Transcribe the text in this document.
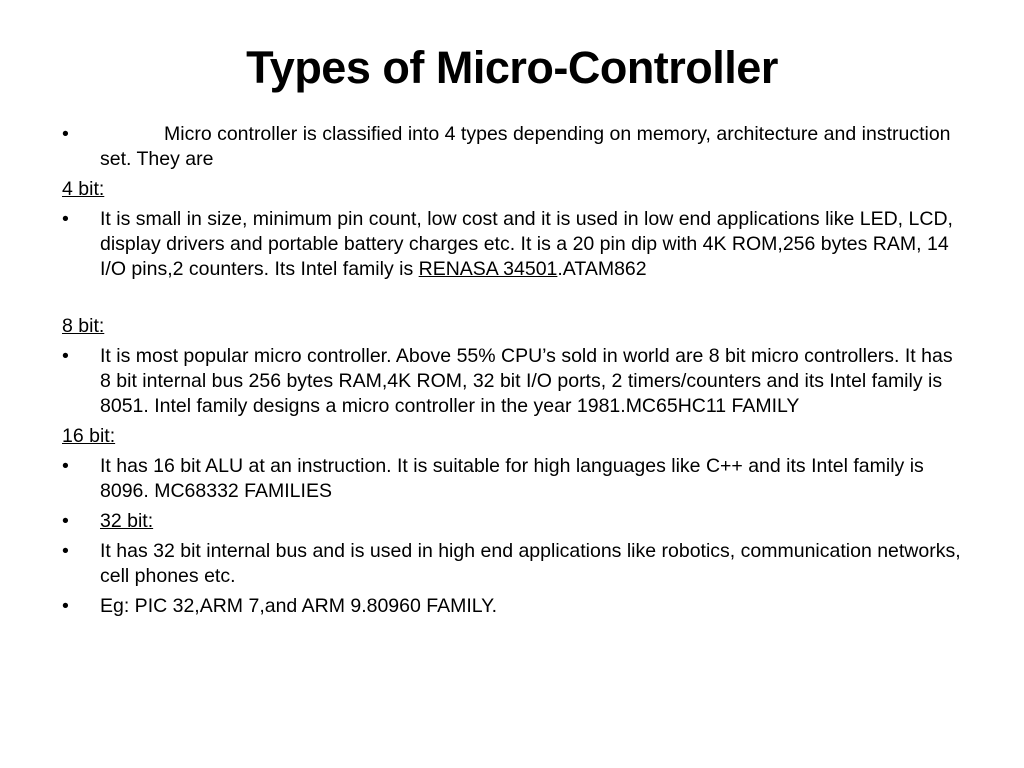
Types of Micro-Controller
•	Micro controller is classified into 4 types depending on memory, architecture and instruction set. They are
4 bit:
•	It is small in size, minimum pin count, low cost and it is used in low end applications like LED, LCD, display drivers and portable battery charges etc. It is a 20 pin dip with 4K ROM,256 bytes RAM, 14 I/O pins,2 counters. Its Intel family is RENASA 34501.ATAM862
8 bit:
•	It is most popular micro controller. Above 55% CPU’s sold in world are 8 bit micro controllers. It has 8 bit internal bus 256 bytes RAM,4K ROM, 32 bit I/O ports, 2 timers/counters and its Intel family is 8051. Intel family designs a micro controller in the year 1981.MC65HC11 FAMILY
16 bit:
•	It has 16 bit ALU at an instruction. It is suitable for high languages like C++ and its Intel family is 8096. MC68332 FAMILIES
•	32 bit:
•	It has 32 bit internal bus and is used in high end applications like robotics, communication networks, cell phones etc.
•	Eg: PIC 32,ARM 7,and ARM 9.80960 FAMILY.
